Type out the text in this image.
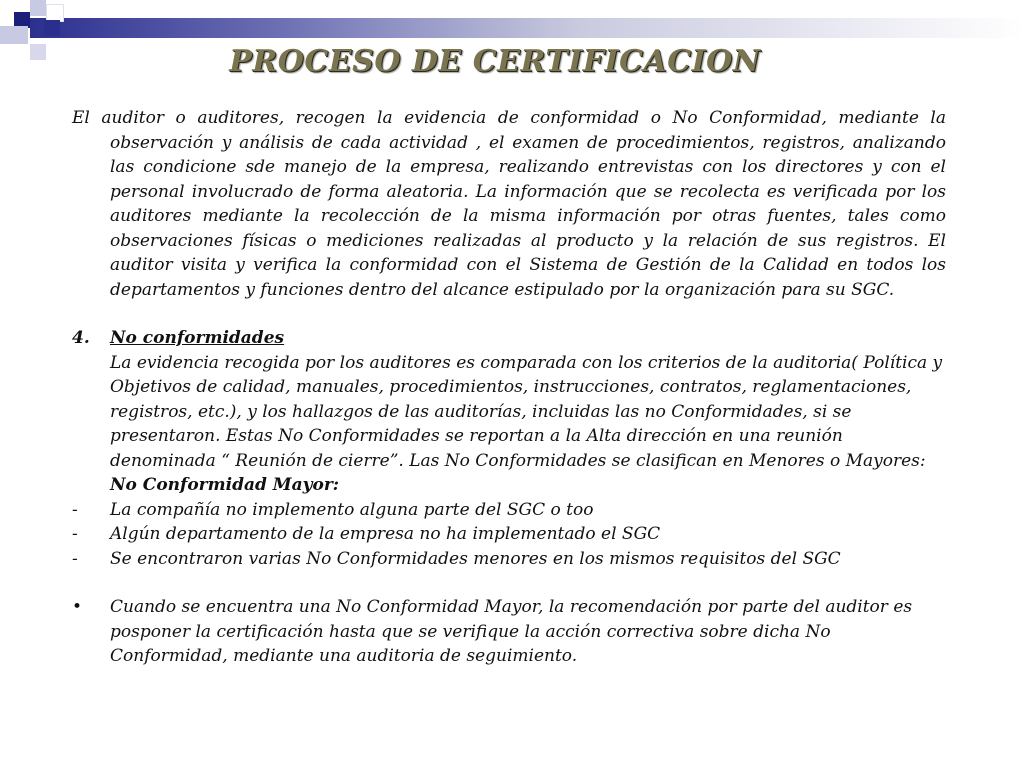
PROCESO DE CERTIFICACION

El auditor o auditores, recogen la evidencia de conformidad o No Conformidad, mediante la observación y análisis de cada actividad , el examen de procedimientos, registros, analizando las condicione sde manejo de la empresa, realizando entrevistas con los directores y con el personal involucrado de forma aleatoria. La información que se recolecta es verificada por los auditores mediante la recolección de la misma información por otras fuentes, tales como observaciones físicas o mediciones realizadas al producto y la relación de sus registros. El auditor visita y verifica la conformidad con el Sistema de Gestión de la Calidad en todos los departamentos y funciones dentro del alcance estipulado por la organización para su SGC.

4.	No conformidades

La evidencia recogida por los auditores es comparada con los criterios de la auditoria( Política y Objetivos de calidad, manuales, procedimientos, instrucciones, contratos, reglamentaciones, registros, etc.), y los hallazgos de las auditorías, incluidas las no Conformidades, si se presentaron. Estas No Conformidades se reportan a la Alta dirección en una reunión denominada “ Reunión de cierre”. Las No Conformidades se clasifican en Menores o Mayores:

No Conformidad Mayor:
-	La compañía no implemento alguna parte del SGC o too
-	Algún departamento de la empresa no ha implementado el SGC
-	Se encontraron varias No Conformidades menores en los mismos requisitos del SGC
•	Cuando se encuentra una No Conformidad Mayor, la recomendación por parte del auditor es posponer la certificación hasta que se verifique la acción correctiva sobre dicha No Conformidad, mediante una auditoria de seguimiento.
